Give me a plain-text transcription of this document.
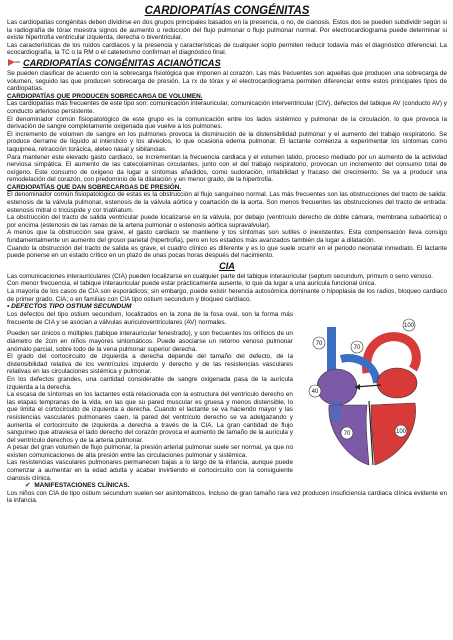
CARDIOPATÍAS CONGÉNITAS

Las cardiopatías congénitas deben dividirse en dos grupos principales basados en la presencia, o no, de cianosis. Estos dos se pueden subdividir según si la radiografía de tórax muestra signos de aumento o reducción del flujo pulmonar o flujo pulmonar normal. Por electrocardiograma puede determinar si existe hipertrofia ventricular izquierda, derecha o biventricular.

Las características de los ruidos cardiacos y la presencia y características de cualquier soplo permiten reducir todavía más el diagnóstico diferencial. La ecocardiografía, la TC o la RM o el cateterismo confirman el diagnóstico final.

CARDIOPATÍAS CONGÉNITAS ACIANÓTICAS

Se pueden clasificar de acuerdo con la sobrecarga fisiológica que imponen al corazón. Las más frecuentes son aquellas que producen una sobrecarga de volumen, seguido las que producen sobrecarga de presión. La rx de tórax y el electrocardiograma permiten diferenciar entre estos principales tipos de cardiopatías.

CARDIOPATÍAS QUE PRODUCEN SOBRECARGA DE VOLUMEN.

Las cardiopatías más frecuentes de este tipo son: comunicación interauricular, comunicación interventricular (CIV), defectos del tabique AV (conducto AV) y conducto arterioso persistente.

El denominador común fisiopatológico de este grupo es la comunicación entre los lados sistémico y pulmonar de la circulación, lo que provoca la derivación de sangre completamente oxigenada que vuelve a los pulmones.

El incremento de volumen de sangre en los pulmones provoca la disminución de la distensibilidad pulmonar y el aumento del trabajo respiratorio. Se produce derrame de líquido al intersticio y los alveolos, lo que ocasiona edema pulmonar. El lactante comienza a experimentar los síntomas como taquipnea, retracción torácica, aleteo nasal y sibilancias.

Para mantener este elevado gasto cardiaco, se incrementan la frecuencia cardiaca y el volumen latido, proceso mediado por un aumento de la actividad nerviosa simpática. El aumento de las catecolaminas circulantes, junto con el del trabajo respiratorio, provocan un incremento del consumo total de oxígeno. Este consumo de oxígeno da lugar a síntomas añadidos, como sudoración, irritabilidad y fracaso del crecimiento. Se va a producir una remodelación del corazón, con predominio de la dilatación y en menor grado, de la hipertrofia.

CARDIOPATÍAS QUE DAN SOBRECARGAS DE PRESIÓN.

El denominador común fisiopatológico de estas es la obstrucción al flujo sanguíneo normal. Las más frecuentes son las obstrucciones del tracto de salida: estenosis de la válvula pulmonar, estenosis de la válvula aórtica y coartación de la aorta. Son menos frecuentes las obstrucciones del tracto de entrada: estenosis mitral o tricúspide y cor triatriatum.

La obstrucción del tracto de salida ventricular puede localizarse en la válvula, por debajo (ventrículo derecho de doble cámara, membrana subaórtica) o por encima (estenosis de las ramas de la arteria pulmonar o estenosis aórtica supravalvular).

A menos que la obstrucción sea grave, el gasto cardiaco se mantiene y los síntomas son sutiles o inexistentes. Esta compensación lleva consigo fundamentalmente un aumento del grosor parietal (hipertrofia), pero en los estadios más avanzados también da lugar a dilatación.

Cuando la obstrucción del tracto de salida es grave, el cuadro clínico es diferente y es lo que suele ocurrir en el periodo neonatal inmediato. El lactante puede ponerse en un estado crítico en un plazo de unas pocas horas después del nacimiento.

CIA

Las comunicaciones interauriculares (CIA) pueden localizarse en cualquier parte del tabique interauricular (septum secundum, primum o seno venoso.

Con menor frecuencia, el tabique interauricular puede estar prácticamente ausente, lo que da lugar a una aurícula funcional única.

La mayoría de los casos de CIA son esporádicos; sin embargo, puede existir herencia autosómica dominante o hipoplasia de los radios, bloqueo cardiaco de primer grado, CIA; o en familias con CIA tipo ostium secundum y bloqueo cardíaco.

• DEFECTOS TIPO OSTIUM SECUNDUM
100
70
70
40
70	100

Los defectos del tipo ostium secundum, localizados en la zona de la fosa oval, son la forma más frecuente de CIA y se asocian a válvulas auriculoventriculares (AV) normales.

Pueden ser únicos o múltiples (tabique interauricular fenestrado), y son frecuentes los orificios de un diámetro de 2cm en niños mayores sintomáticos. Puede asociarse un retorno venoso pulmonar anómalo parcial, sobre todo de la vena pulmonar superior derecha.

El grado del cortocircuito de izquierda a derecha depende del tamaño del defecto, de la distensibilidad relativa de los ventrículos izquierdo y derecho y de las resistencias vasculares relativas en las circulaciones sistémica y pulmonar.

En los defectos grandes, una cantidad considerable de sangre oxigenada pasa de la aurícula izquierda a la derecha.

La escasa de síntomas en los lactantes está relacionada con la estructura del ventrículo derecho en las etapas tempranas de la vida, en las que su pared muscular es gruesa y menos distensible, lo que limita el cortocircuito de izquierda a derecha. Cuando el lactante se va haciendo mayor y las resistencias vasculares pulmonares caen, la pared del ventrículo derecho se va adelgazando y aumenta el cortocircuito de izquierda a derecha a través de la CIA. La gran cantidad de flujo sanguíneo que atraviesa el lado derecho del corazón provoca el aumento de tamaño de la aurícula y del ventrículo derechos y de la arteria pulmonar.

A pesar del gran volumen de flujo pulmonar, la presión arterial pulmonar suele ser normal, ya que no existen comunicaciones de alta presión entre las circulaciones pulmonar y sistémica.

Las resistencias vasculares pulmonares permanecen bajas a lo largo de la infancia, aunque puede comenzar a aumentar en la edad adulta y acabar invirtiendo el cortocircuito con la consiguiente cianosis clínica.

✔ MANIFESTACIONES CLÍNICAS.

Los niños con CIA de tipo ostium secundum suelen ser asintomáticos. Incluso de gran tamaño rara vez producen insuficiencia cardiaca clínica evidente en la infancia.
